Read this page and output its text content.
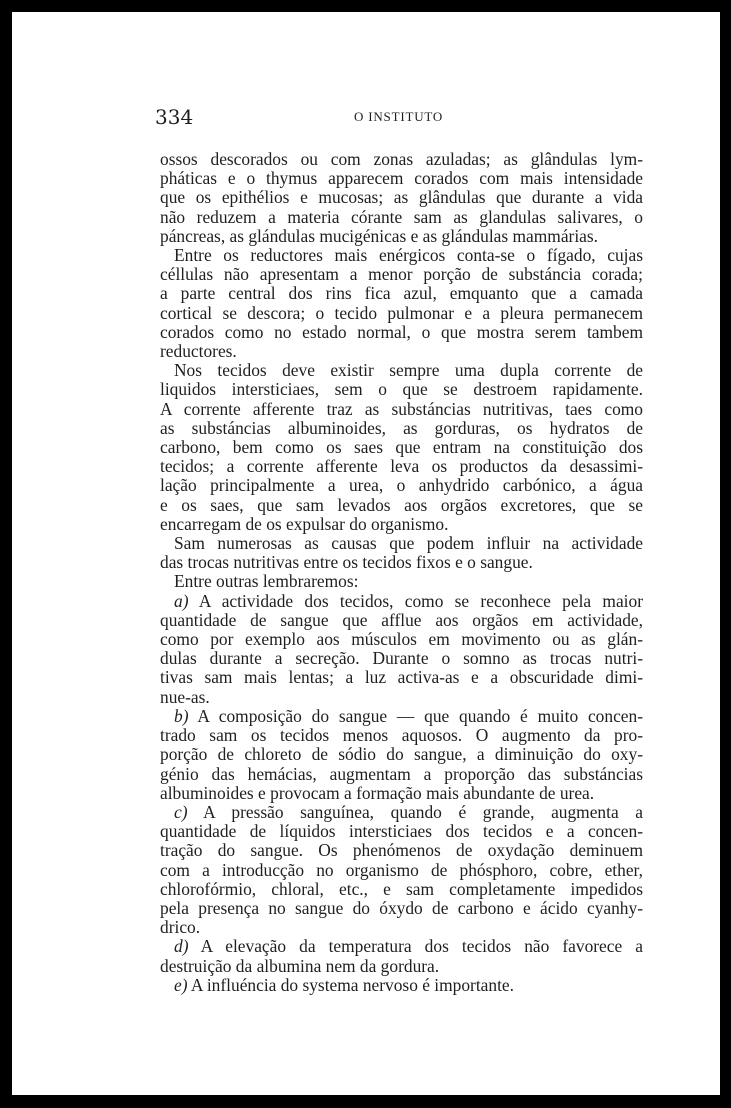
334	O INSTITUTO
ossos descorados ou com zonas azuladas; as glândulas lym-
pháticas e o thymus apparecem corados com mais intensidade
que os epithélios e mucosas; as glândulas que durante a vida
não reduzem a materia córante sam as glandulas salivares, o
páncreas, as glándulas mucigénicas e as glándulas mammárias.
Entre os reductores mais enérgicos conta-se o fígado, cujas
céllulas não apresentam a menor porção de substáncia corada;
a parte central dos rins fica azul, emquanto que a camada
cortical se descora; o tecido pulmonar e a pleura permanecem
corados como no estado normal, o que mostra serem tambem
reductores.
Nos tecidos deve existir sempre uma dupla corrente de
liquidos intersticiaes, sem o que se destroem rapidamente.
A corrente afferente traz as substáncias nutritivas, taes como
as substáncias albuminoides, as gorduras, os hydratos de
carbono, bem como os saes que entram na constituição dos
tecidos; a corrente afferente leva os productos da desassimi-
lação principalmente a urea, o anhydrido carbónico, a água
e os saes, que sam levados aos orgãos excretores, que se
encarregam de os expulsar do organismo.
Sam numerosas as causas que podem influir na actividade
das trocas nutritivas entre os tecidos fixos e o sangue.
Entre outras lembraremos:
a) A actividade dos tecidos, como se reconhece pela maior
quantidade de sangue que afflue aos orgãos em actividade,
como por exemplo aos músculos em movimento ou as glán-
dulas durante a secreção. Durante o somno as trocas nutri-
tivas sam mais lentas; a luz activa-as e a obscuridade dimi-
nue-as.
b) A composição do sangue — que quando é muito concen-
trado sam os tecidos menos aquosos. O augmento da pro-
porção de chloreto de sódio do sangue, a diminuição do oxy-
génio das hemácias, augmentam a proporção das substáncias
albuminoides e provocam a formação mais abundante de urea.
c) A pressão sanguínea, quando é grande, augmenta a
quantidade de líquidos intersticiaes dos tecidos e a concen-
tração do sangue. Os phenómenos de oxydação deminuem
com a introducção no organismo de phósphoro, cobre, ether,
chlorofórmio, chloral, etc., e sam completamente impedidos
pela presença no sangue do óxydo de carbono e ácido cyanhy-
drico.
d) A elevação da temperatura dos tecidos não favorece a
destruição da albumina nem da gordura.
e) A influéncia do systema nervoso é importante.
